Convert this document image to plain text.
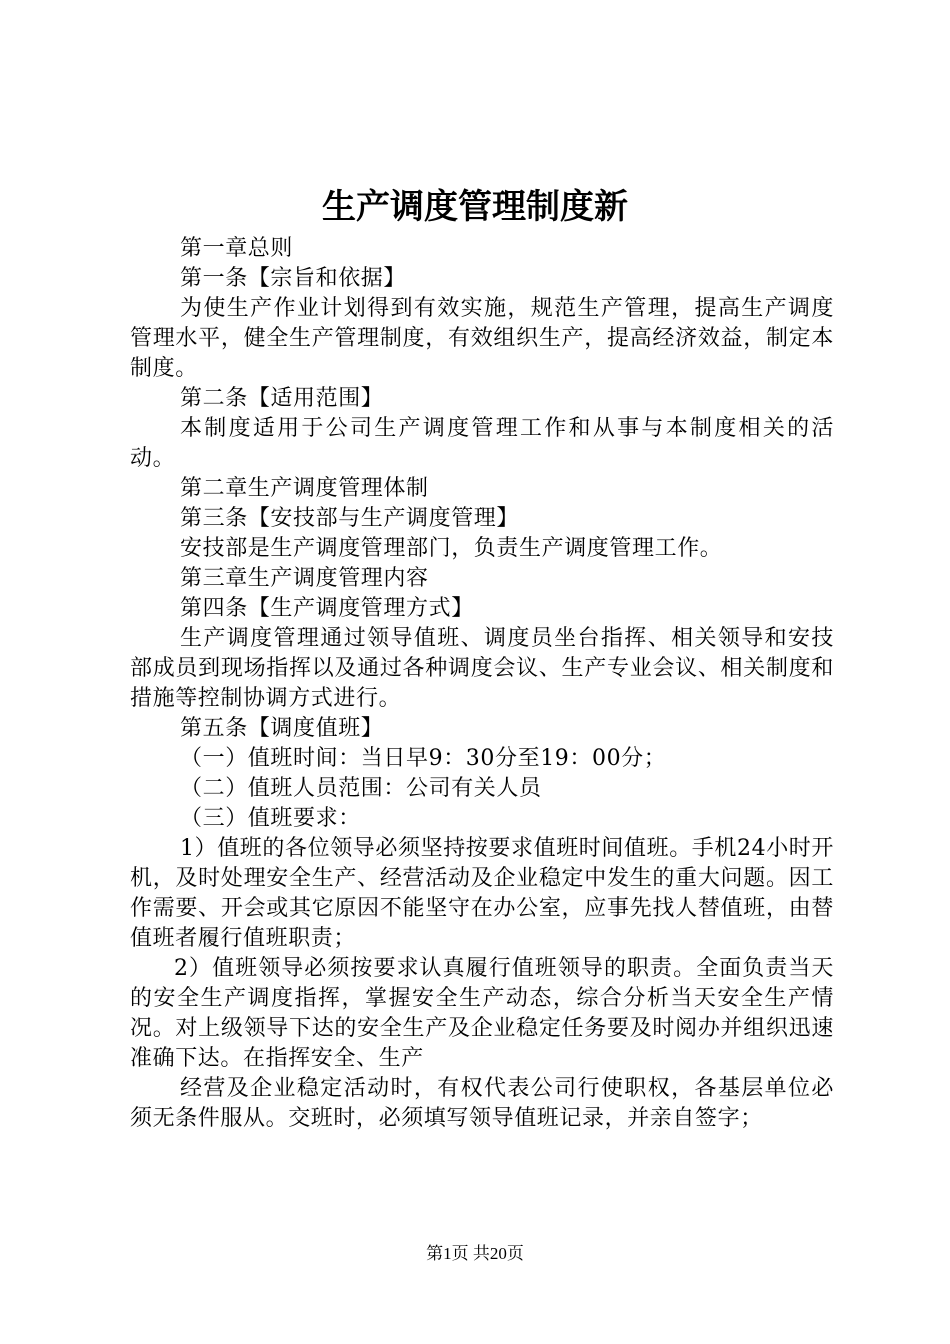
生产调度管理制度新

第一章总则

第一条【宗旨和依据】

为使生产作业计划得到有效实施，规范生产管理，提高生产调度管理水平，健全生产管理制度，有效组织生产，提高经济效益，制定本制度。

第二条【适用范围】

本制度适用于公司生产调度管理工作和从事与本制度相关的活动。

第二章生产调度管理体制

第三条【安技部与生产调度管理】

安技部是生产调度管理部门，负责生产调度管理工作。

第三章生产调度管理内容

第四条【生产调度管理方式】

生产调度管理通过领导值班、调度员坐台指挥、相关领导和安技部成员到现场指挥以及通过各种调度会议、生产专业会议、相关制度和措施等控制协调方式进行。

第五条【调度值班】

（一）值班时间：当日早9：30分至19：00分；

（二）值班人员范围：公司有关人员

（三）值班要求：

1）值班的各位领导必须坚持按要求值班时间值班。手机24小时开机，及时处理安全生产、经营活动及企业稳定中发生的重大问题。因工作需要、开会或其它原因不能坚守在办公室，应事先找人替值班，由替值班者履行值班职责；

2）值班领导必须按要求认真履行值班领导的职责。全面负责当天的安全生产调度指挥，掌握安全生产动态，综合分析当天安全生产情况。对上级领导下达的安全生产及企业稳定任务要及时阅办并组织迅速准确下达。在指挥安全、生产

经营及企业稳定活动时，有权代表公司行使职权，各基层单位必须无条件服从。交班时，必须填写领导值班记录，并亲自签字；

第1页 共20页
